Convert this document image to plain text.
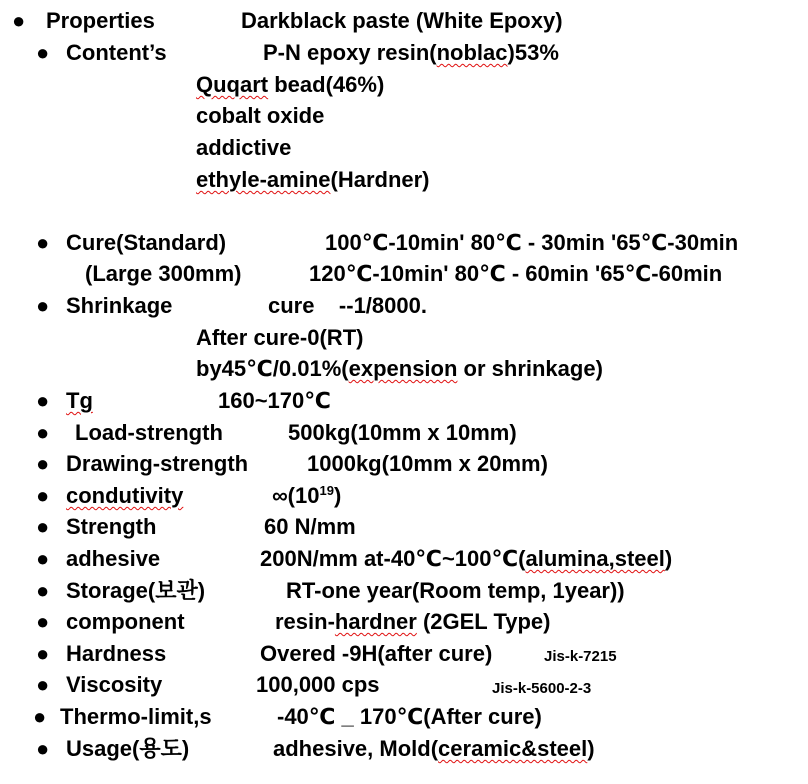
● Properties	Darkblack paste (White Epoxy)
● Content’s	P-N epoxy resin(noblac)53%
Quqart bead(46%)
cobalt oxide
addictive
ethyle-amine(Hardner)
● Cure(Standard)	100℃-10min' 80℃ - 30min '65℃-30min
(Large 300mm)	120℃-10min' 80℃ - 60min '65℃-60min
● Shrinkage	cure    --1/8000.
After cure-0(RT)
by45℃/0.01%(expension or shrinkage)
● Tg	160~170℃
● Load-strength	500kg(10mm x 10mm)
● Drawing-strength	1000kg(10mm x 20mm)
● condutivity	$\infty(10^{19})$
● Strength	60 N/mm
● adhesive	200N/mm at-40℃~100℃(alumina,steel)
● Storage(보관)	RT-one year(Room temp, 1year))
● component	resin-hardner (2GEL Type)
● Hardness	Overed -9H(after cure)	Jis-k-7215
● Viscosity	100,000 cps	Jis-k-5600-2-3
● Thermo-limit,s	-40℃ _ 170℃(After cure)
● Usage(용도)	adhesive, Mold(ceramic&steel)
